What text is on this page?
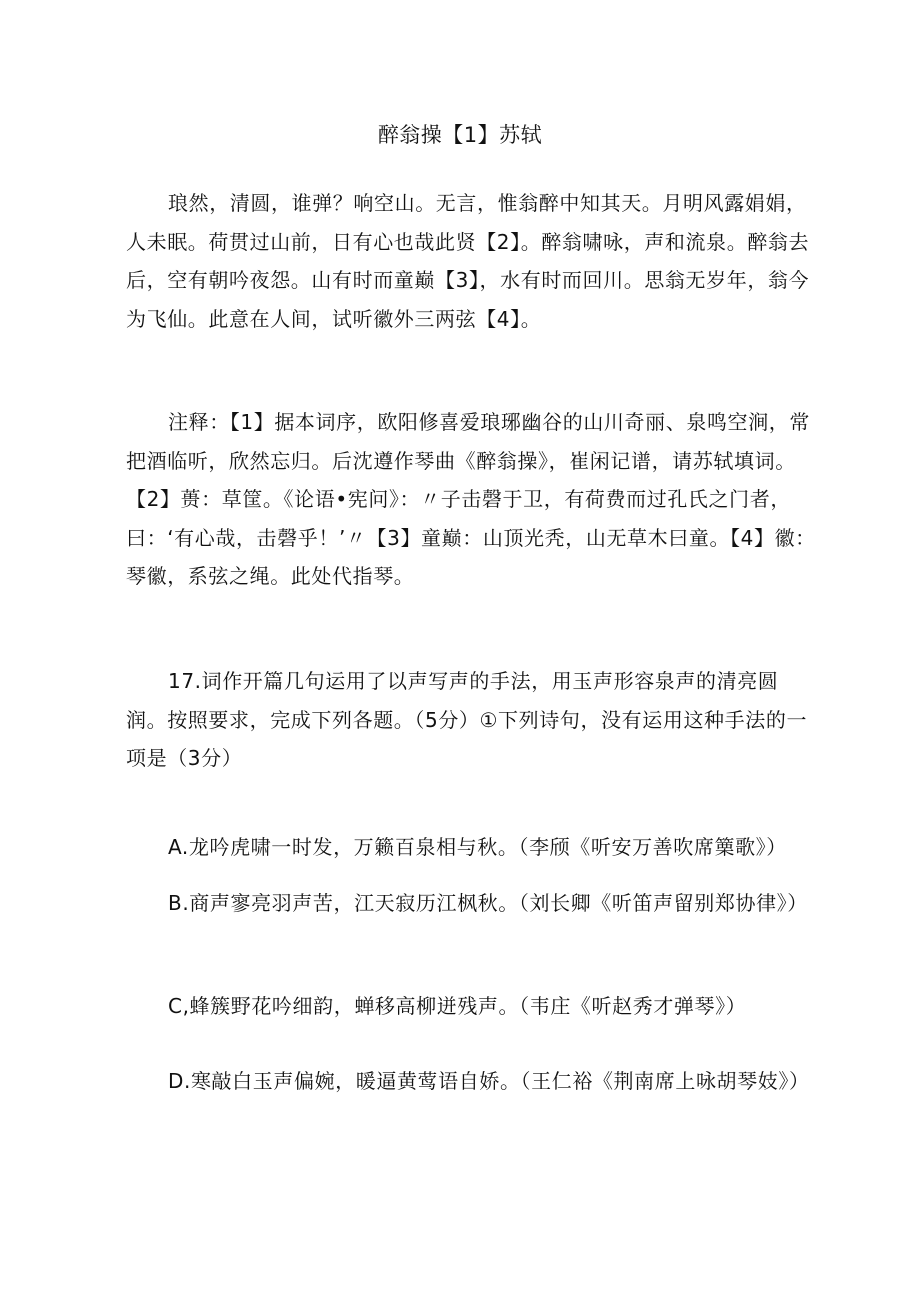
醉翁操【1】苏轼

琅然，清圆，谁弹？响空山。无言，惟翁醉中知其天。月明风露娟娟，人未眠。荷贯过山前，日有心也哉此贤【2】。醉翁啸咏，声和流泉。醉翁去后，空有朝吟夜怨。山有时而童巅【3】，水有时而回川。思翁无岁年，翁今为飞仙。此意在人间，试听徽外三两弦【4】。

注释：【1】据本词序，欧阳修喜爱琅琊幽谷的山川奇丽、泉鸣空涧，常把酒临听，欣然忘归。后沈遵作琴曲《醉翁操》，崔闲记谱，请苏轼填词。【2】蒉：草筐。《论语•宪问》：〃子击磬于卫，有荷费而过孔氏之门者，曰：‘有心哉，击磬乎！’〃【3】童巅：山顶光秃，山无草木曰童。【4】徽：琴徽，系弦之绳。此处代指琴。

17.词作开篇几句运用了以声写声的手法，用玉声形容泉声的清亮圆润。按照要求，完成下列各题。（5分）①下列诗句，没有运用这种手法的一项是（3分）

A.龙吟虎啸一时发，万籁百泉相与秋。（李颀《听安万善吹席篥歌》）

B.商声寥亮羽声苦，江天寂历江枫秋。（刘长卿《听笛声留别郑协律》）

C,蜂簇野花吟细韵，蝉移高柳迸残声。（韦庄《听赵秀才弹琴》）

D.寒敲白玉声偏婉，暖逼黄莺语自娇。（王仁裕《荆南席上咏胡琴妓》）
